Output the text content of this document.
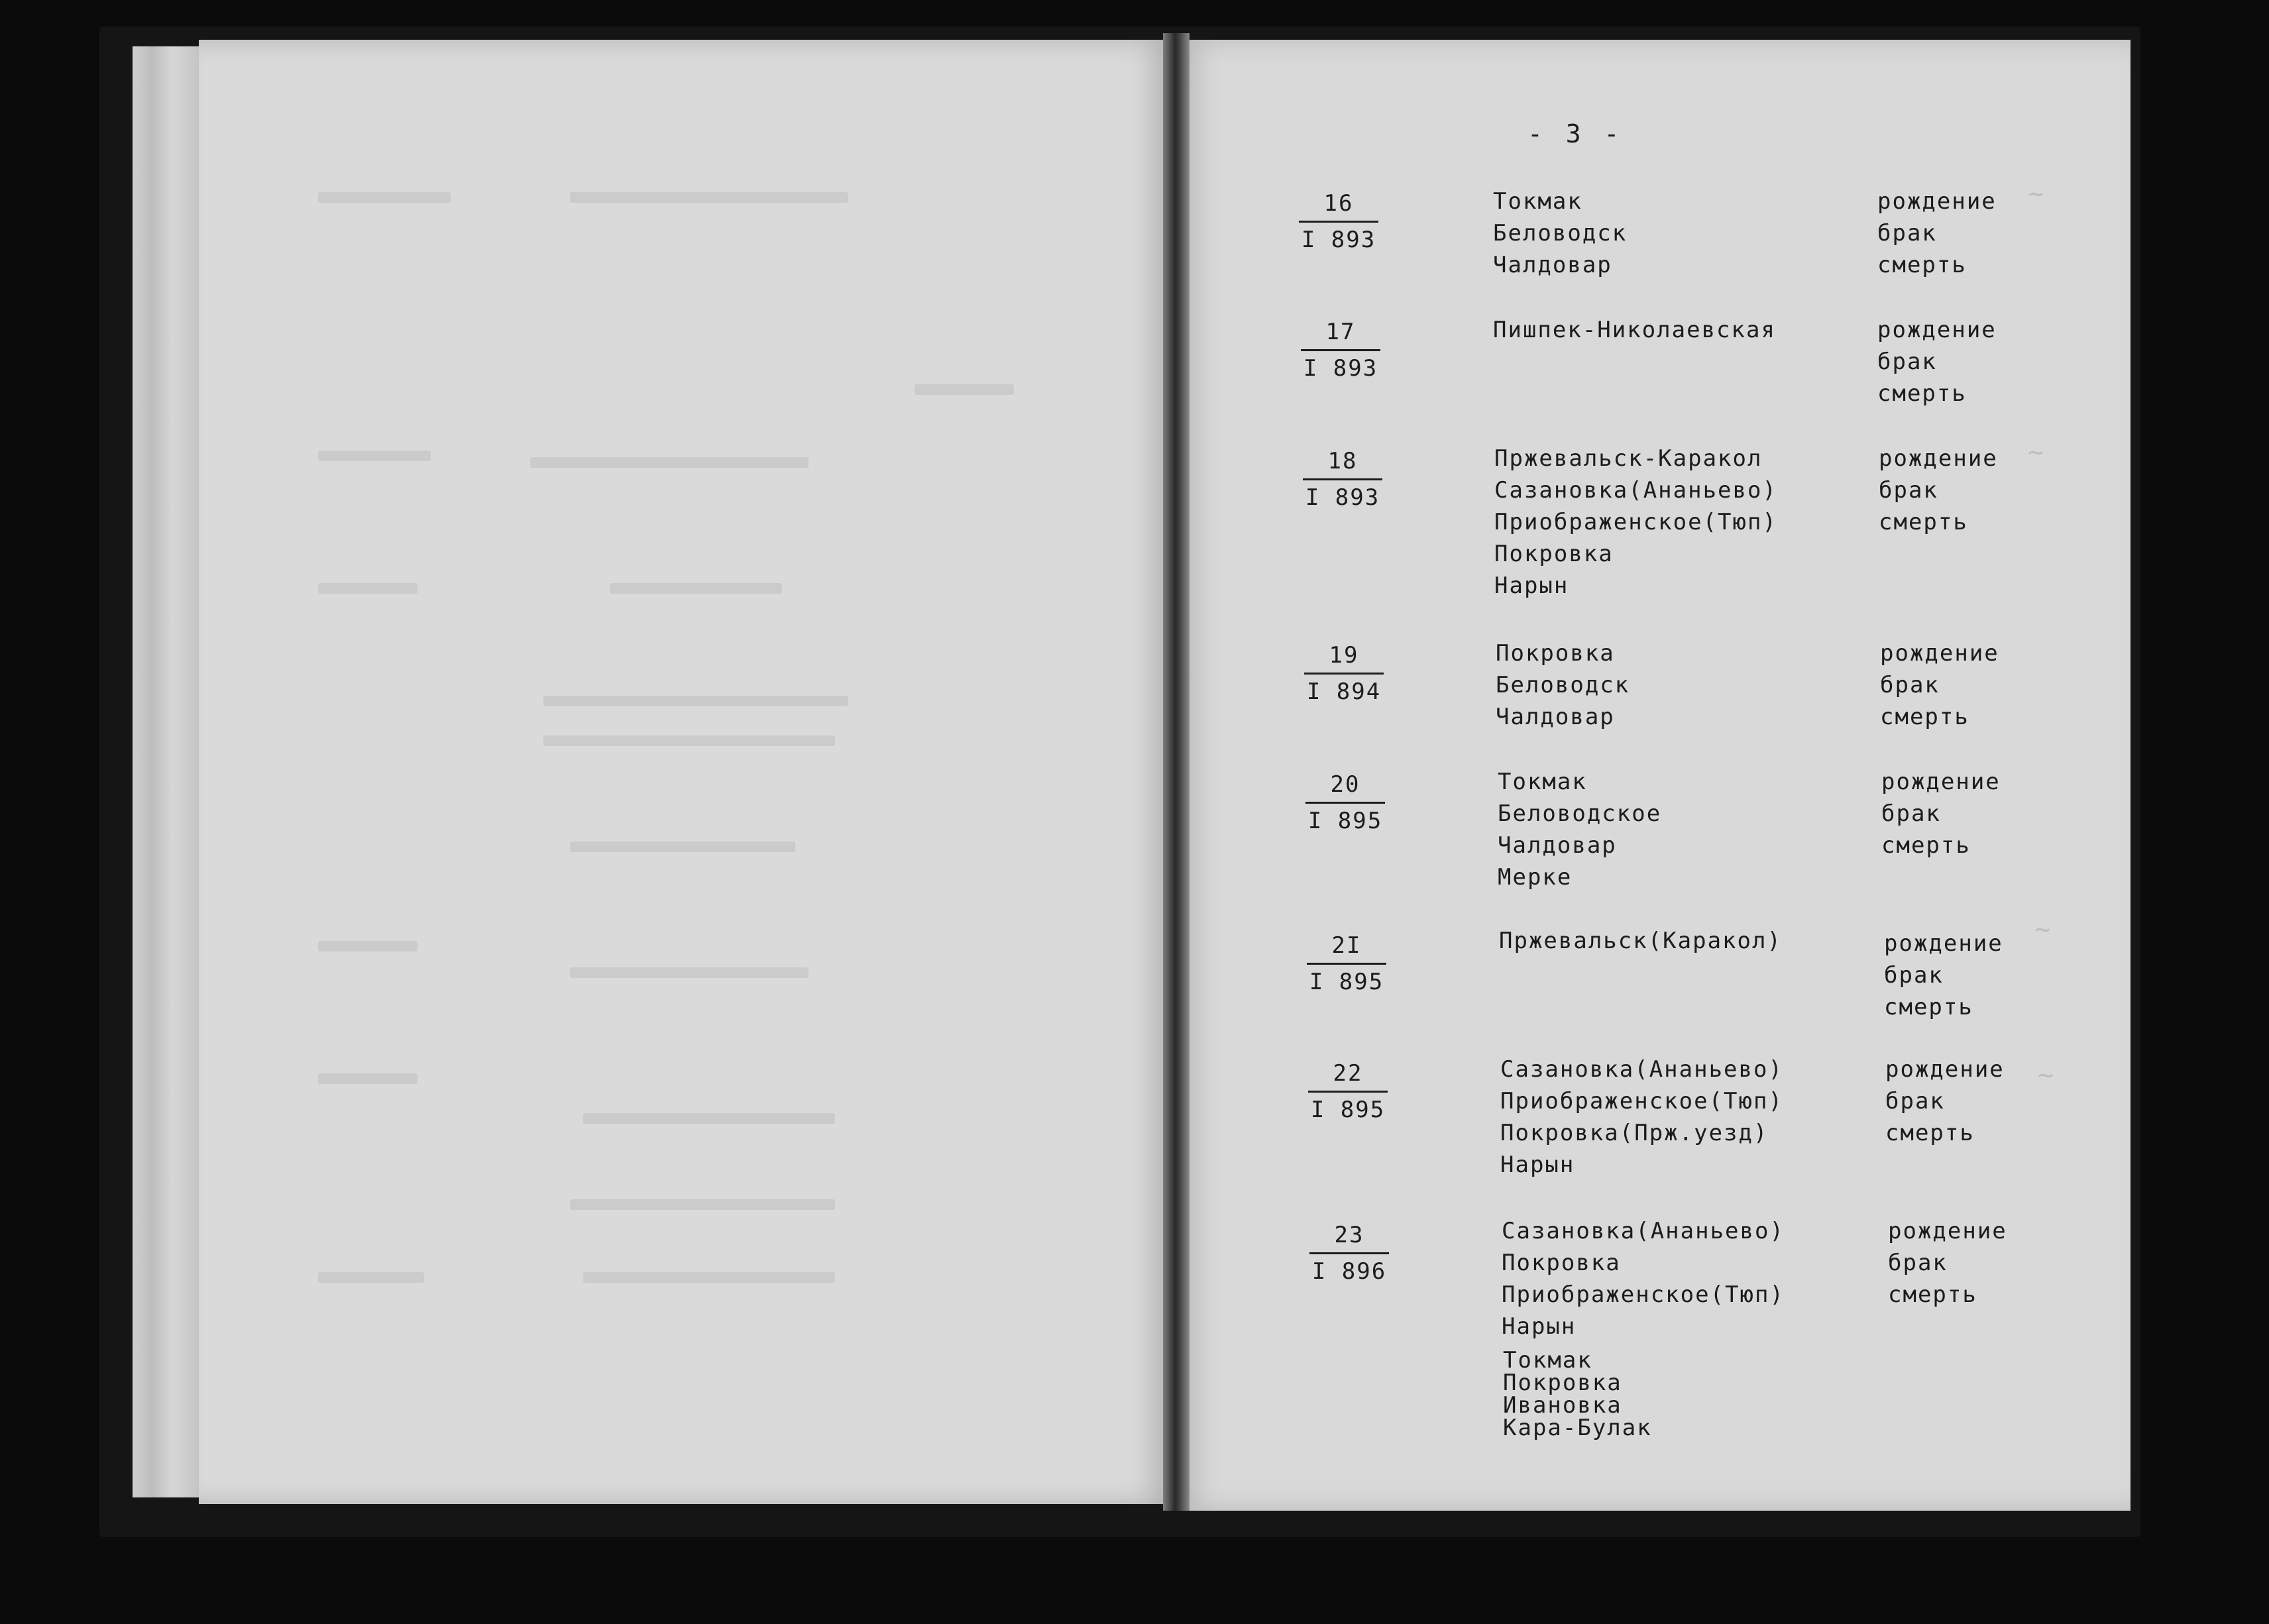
∼
∼
∼
∼
- 3 -
16
I 893
Токмак
Беловодск
Чалдовар
рождение
брак
смерть
17
I 893
Пишпек-Николаевская	рождение
брак
смерть
18
I 893
Пржевальск-Каракол
Сазановка(Ананьево)
Приображенское(Тюп)
Покровка
Нарын
рождение
брак
смерть
19
I 894
Покровка
Беловодск
Чалдовар
рождение
брак
смерть
20
I 895
Токмак
Беловодское
Чалдовар
Мерке
рождение
брак
смерть
2I
I 895
Пржевальск(Каракол)	рождение
брак
смерть
22
I 895
Сазановка(Ананьево)
Приображенское(Тюп)
Покровка(Прж.уезд)
Нарын
рождение
брак
смерть
23
I 896
Сазановка(Ананьево)
Покровка
Приображенское(Тюп)
Нарын
Токмак
Покровка
Ивановка
Кара-Булак
рождение
брак
смерть
